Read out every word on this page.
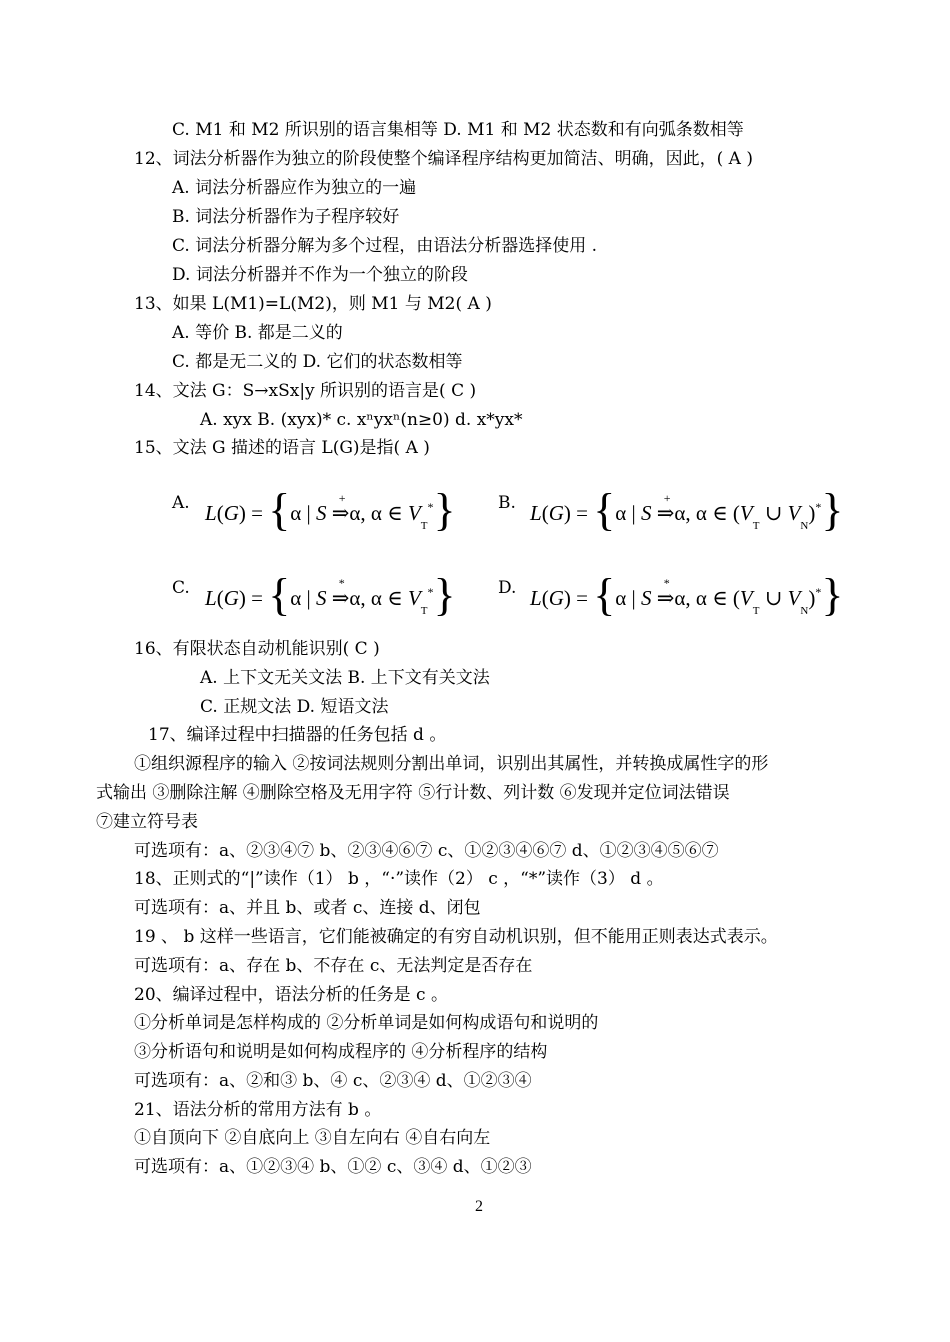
C. M1 和 M2 所识别的语言集相等 D. M1 和 M2 状态数和有向弧条数相等
12、词法分析器作为独立的阶段使整个编译程序结构更加简洁、明确，因此，( A )
A. 词法分析器应作为独立的一遍
B. 词法分析器作为子程序较好
C. 词法分析器分解为多个过程，由语法分析器选择使用 .
D. 词法分析器并不作为一个独立的阶段
13、如果 L(M1)=L(M2)，则 M1 与 M2( A )
A. 等价 B. 都是二义的
C. 都是无二义的 D. 它们的状态数相等
14、文法 G：S→xSx|y 所识别的语言是( C )
A. xyx B. (xyx)* c. xⁿyxⁿ(n≥0) d. x*yx*
15、文法 G 描述的语言 L(G)是指( A )
16、有限状态自动机能识别( C )
A. 上下文无关文法 B. 上下文有关文法
C. 正规文法 D. 短语文法
17、编译过程中扫描器的任务包括 d 。
①组织源程序的输入 ②按词法规则分割出单词，识别出其属性，并转换成属性字的形
式输出 ③删除注解 ④删除空格及无用字符 ⑤行计数、列计数 ⑥发现并定位词法错误
⑦建立符号表
可选项有：a、②③④⑦ b、②③④⑥⑦ c、①②③④⑥⑦ d、①②③④⑤⑥⑦
18、正则式的“|”读作（1） b ，“·”读作（2） c ，“*”读作（3） d 。
可选项有：a、并且 b、或者 c、连接 d、闭包
19 、 b 这样一些语言，它们能被确定的有穷自动机识别，但不能用正则表达式表示。
可选项有：a、存在 b、不存在 c、无法判定是否存在
20、编译过程中，语法分析的任务是 c 。
①分析单词是怎样构成的 ②分析单词是如何构成语句和说明的
③分析语句和说明是如何构成程序的 ④分析程序的结构
可选项有：a、②和③ b、④ c、②③④ d、①②③④
21、语法分析的常用方法有 b 。
①自顶向下 ②自底向上 ③自左向右 ④自右向左
可选项有：a、①②③④ b、①② c、③④ d、①②③
A. L(G) = {α | S ⇒
+
α, α ∈ $V_T^*$} B. L(G) = {α | S ⇒
+
α, α ∈ ($V_T$ ∪ $V_N)^*$}
C. L(G) = {α | S ⇒
*
α, α ∈ $V_T^*$} D. L(G) = {α | S ⇒
*
α, α ∈ ($V_T$ ∪ $V_N)^*$}
2
